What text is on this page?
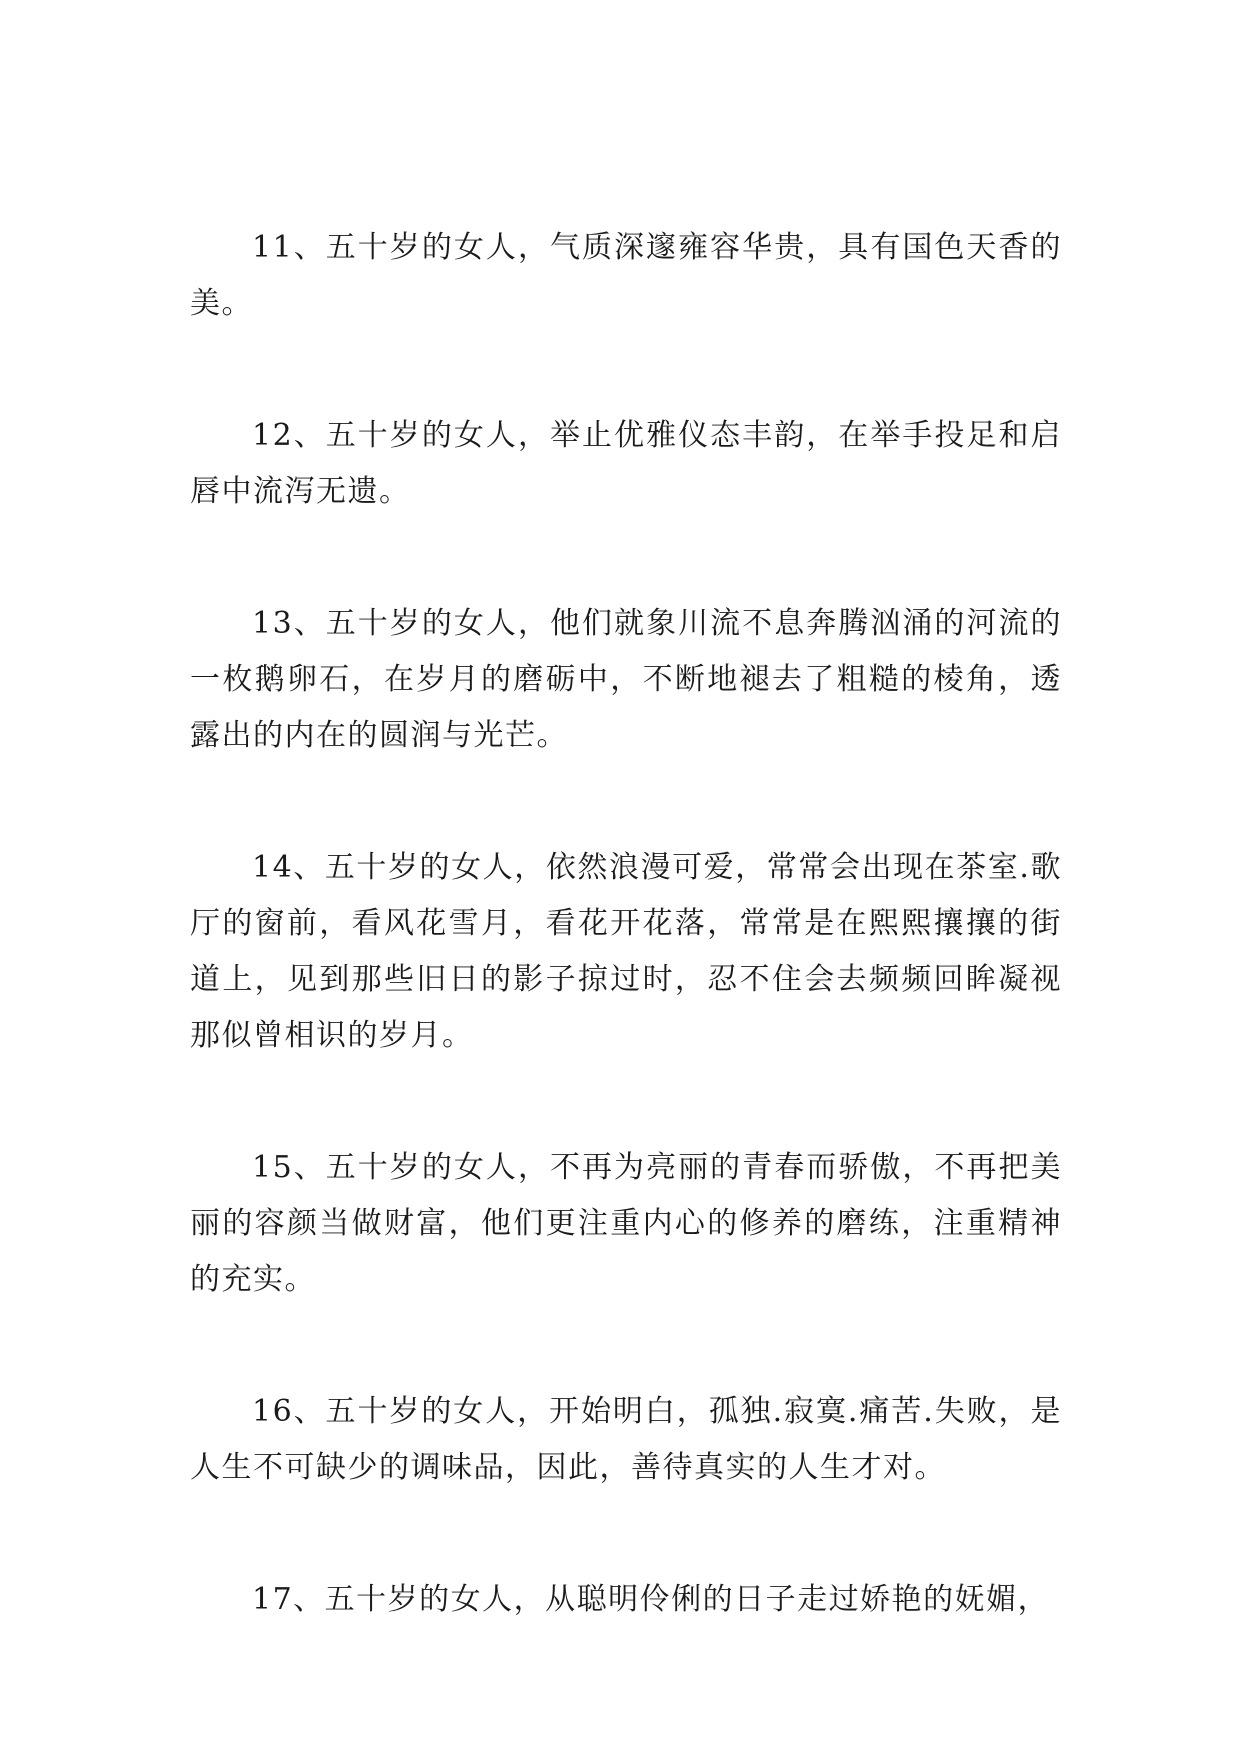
11、五十岁的女人，气质深邃雍容华贵，具有国色天香的美。

12、五十岁的女人，举止优雅仪态丰韵，在举手投足和启唇中流泻无遗。

13、五十岁的女人，他们就象川流不息奔腾汹涌的河流的一枚鹅卵石，在岁月的磨砺中，不断地褪去了粗糙的棱角，透露出的内在的圆润与光芒。

14、五十岁的女人，依然浪漫可爱，常常会出现在茶室.歌厅的窗前，看风花雪月，看花开花落，常常是在熙熙攘攘的街道上，见到那些旧日的影子掠过时，忍不住会去频频回眸凝视那似曾相识的岁月。

15、五十岁的女人，不再为亮丽的青春而骄傲，不再把美丽的容颜当做财富，他们更注重内心的修养的磨练，注重精神的充实。

16、五十岁的女人，开始明白，孤独.寂寞.痛苦.失败，是人生不可缺少的调味品，因此，善待真实的人生才对。

17、五十岁的女人，从聪明伶俐的日子走过娇艳的妩媚，
